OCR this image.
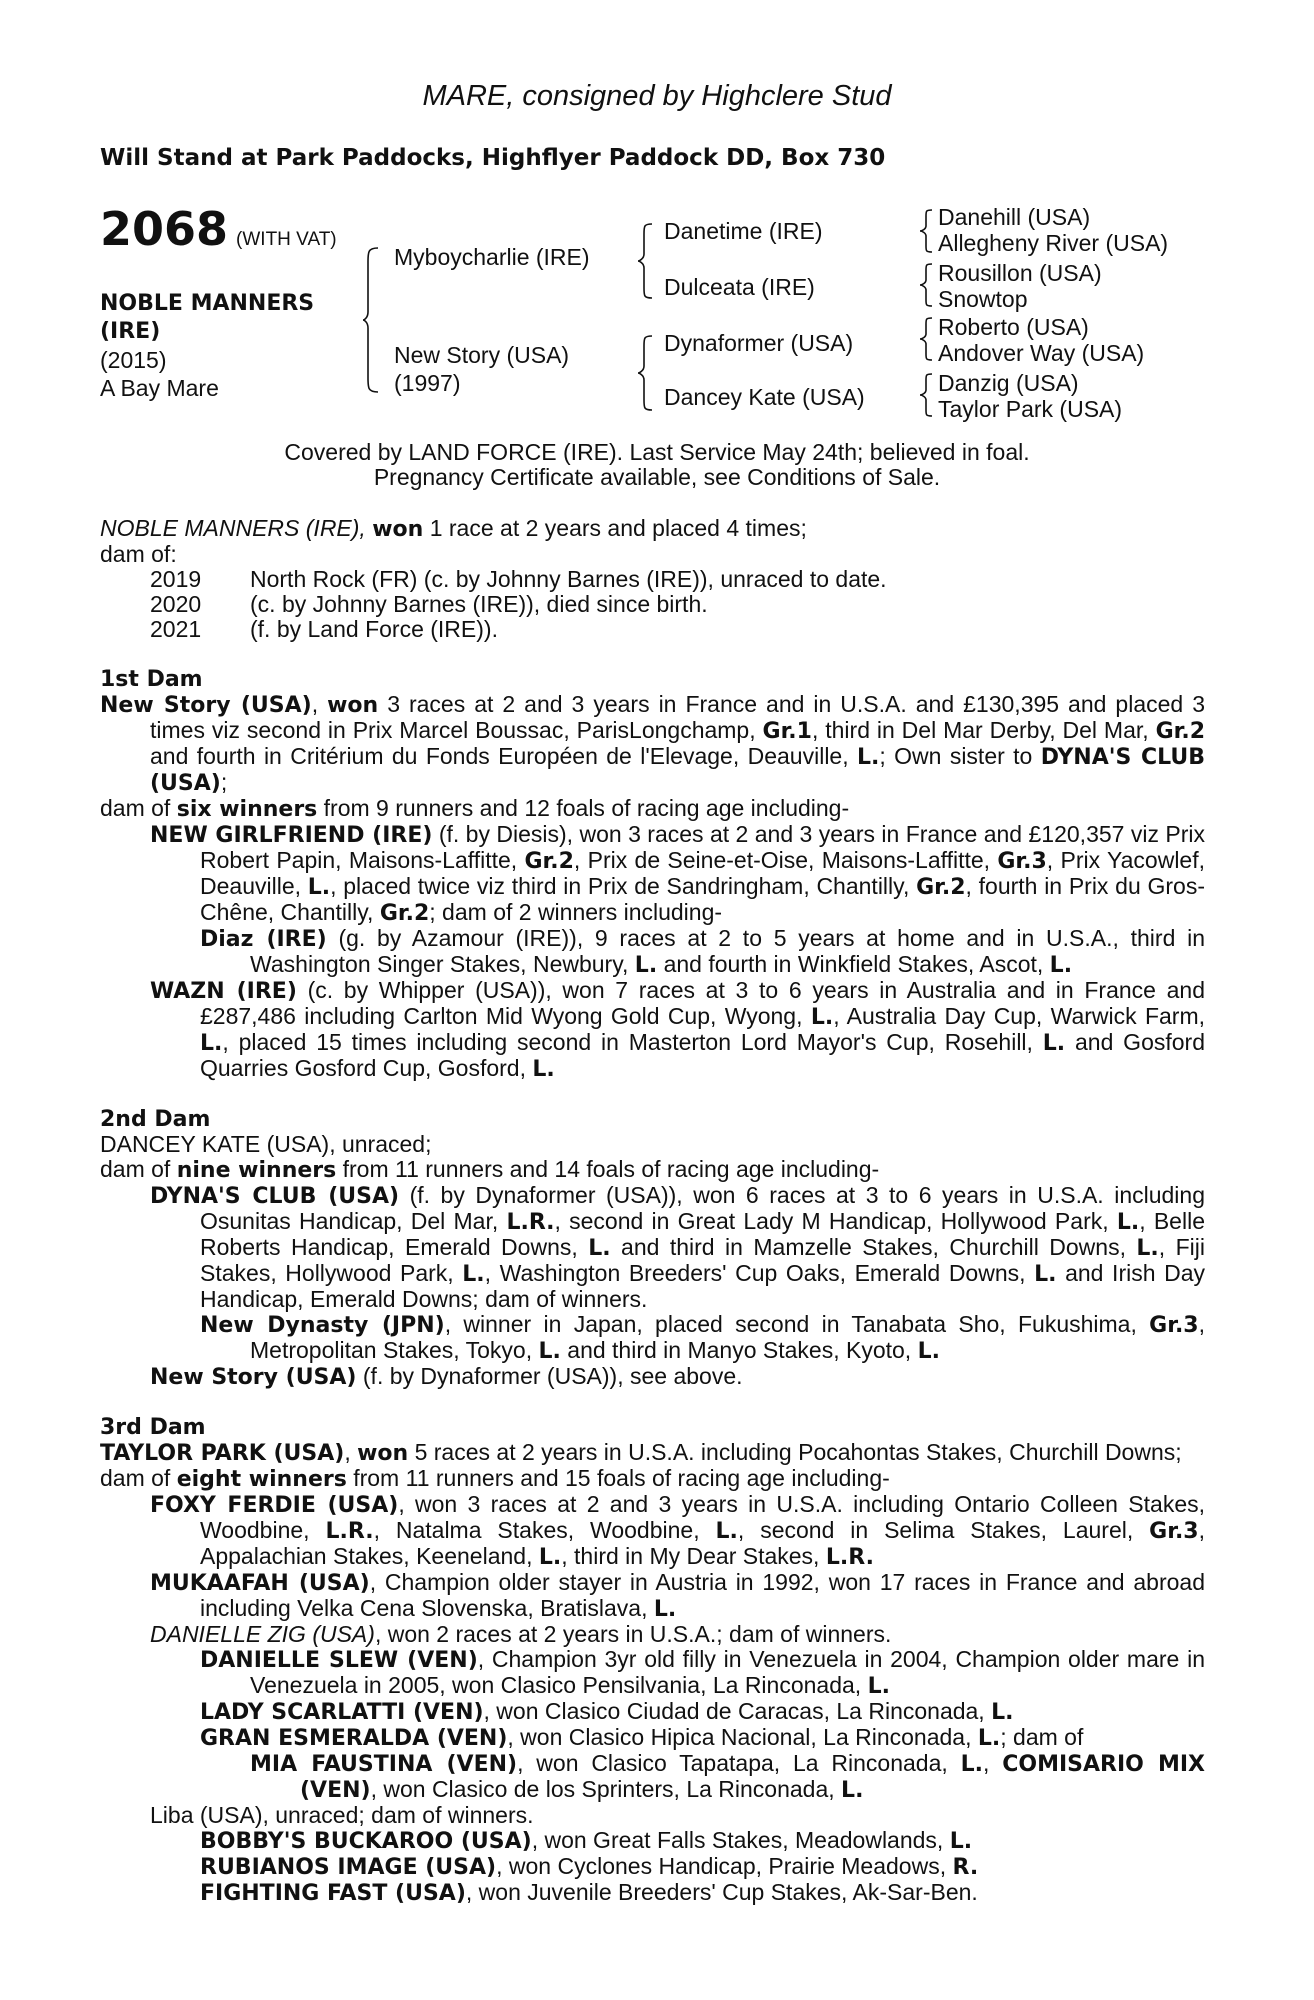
MARE, consigned by Highclere Stud
Will Stand at Park Paddocks, Highflyer Paddock DD, Box 730
2068 (WITH VAT)
NOBLE MANNERS
(IRE)
(2015)
A Bay Mare
Myboycharlie (IRE)
New Story (USA)
(1997)
Danetime (IRE)
Dulceata (IRE)
Dynaformer (USA)
Dancey Kate (USA)
Danehill (USA)
Allegheny River (USA)
Rousillon (USA)
Snowtop
Roberto (USA)
Andover Way (USA)
Danzig (USA)
Taylor Park (USA)
Covered by LAND FORCE (IRE). Last Service May 24th; believed in foal.
Pregnancy Certificate available, see Conditions of Sale.

NOBLE MANNERS (IRE), won 1 race at 2 years and placed 4 times;

dam of:

2019	North Rock (FR) (c. by Johnny Barnes (IRE)), unraced to date.
2020	(c. by Johnny Barnes (IRE)), died since birth.
2021	(f. by Land Force (IRE)).

1st Dam

New Story (USA), won 3 races at 2 and 3 years in France and in U.S.A. and £130,395 and placed 3 times viz second in Prix Marcel Boussac, ParisLongchamp, Gr.1, third in Del Mar Derby, Del Mar, Gr.2 and fourth in Critérium du Fonds Européen de l'Elevage, Deauville, L.; Own sister to DYNA'S CLUB (USA);

dam of six winners from 9 runners and 12 foals of racing age including-

NEW GIRLFRIEND (IRE) (f. by Diesis), won 3 races at 2 and 3 years in France and £120,357 viz Prix Robert Papin, Maisons-Laffitte, Gr.2, Prix de Seine-et-Oise, Maisons-Laffitte, Gr.3, Prix Yacowlef, Deauville, L., placed twice viz third in Prix de Sandringham, Chantilly, Gr.2, fourth in Prix du Gros-Chêne, Chantilly, Gr.2; dam of 2 winners including-

Diaz (IRE) (g. by Azamour (IRE)), 9 races at 2 to 5 years at home and in U.S.A., third in Washington Singer Stakes, Newbury, L. and fourth in Winkfield Stakes, Ascot, L.

WAZN (IRE) (c. by Whipper (USA)), won 7 races at 3 to 6 years in Australia and in France and £287,486 including Carlton Mid Wyong Gold Cup, Wyong, L., Australia Day Cup, Warwick Farm, L., placed 15 times including second in Masterton Lord Mayor's Cup, Rosehill, L. and Gosford Quarries Gosford Cup, Gosford, L.

2nd Dam

DANCEY KATE (USA), unraced;

dam of nine winners from 11 runners and 14 foals of racing age including-

DYNA'S CLUB (USA) (f. by Dynaformer (USA)), won 6 races at 3 to 6 years in U.S.A. including Osunitas Handicap, Del Mar, L.R., second in Great Lady M Handicap, Hollywood Park, L., Belle Roberts Handicap, Emerald Downs, L. and third in Mamzelle Stakes, Churchill Downs, L., Fiji Stakes, Hollywood Park, L., Washington Breeders' Cup Oaks, Emerald Downs, L. and Irish Day Handicap, Emerald Downs; dam of winners.

New Dynasty (JPN), winner in Japan, placed second in Tanabata Sho, Fukushima, Gr.3, Metropolitan Stakes, Tokyo, L. and third in Manyo Stakes, Kyoto, L.

New Story (USA) (f. by Dynaformer (USA)), see above.

3rd Dam

TAYLOR PARK (USA), won 5 races at 2 years in U.S.A. including Pocahontas Stakes, Churchill Downs;

dam of eight winners from 11 runners and 15 foals of racing age including-

FOXY FERDIE (USA), won 3 races at 2 and 3 years in U.S.A. including Ontario Colleen Stakes, Woodbine, L.R., Natalma Stakes, Woodbine, L., second in Selima Stakes, Laurel, Gr.3, Appalachian Stakes, Keeneland, L., third in My Dear Stakes, L.R.

MUKAAFAH (USA), Champion older stayer in Austria in 1992, won 17 races in France and abroad including Velka Cena Slovenska, Bratislava, L.

DANIELLE ZIG (USA), won 2 races at 2 years in U.S.A.; dam of winners.

DANIELLE SLEW (VEN), Champion 3yr old filly in Venezuela in 2004, Champion older mare in Venezuela in 2005, won Clasico Pensilvania, La Rinconada, L.

LADY SCARLATTI (VEN), won Clasico Ciudad de Caracas, La Rinconada, L.

GRAN ESMERALDA (VEN), won Clasico Hipica Nacional, La Rinconada, L.; dam of

MIA FAUSTINA (VEN), won Clasico Tapatapa, La Rinconada, L., COMISARIO MIX (VEN), won Clasico de los Sprinters, La Rinconada, L.

Liba (USA), unraced; dam of winners.

BOBBY'S BUCKAROO (USA), won Great Falls Stakes, Meadowlands, L.

RUBIANOS IMAGE (USA), won Cyclones Handicap, Prairie Meadows, R.

FIGHTING FAST (USA), won Juvenile Breeders' Cup Stakes, Ak-Sar-Ben.
